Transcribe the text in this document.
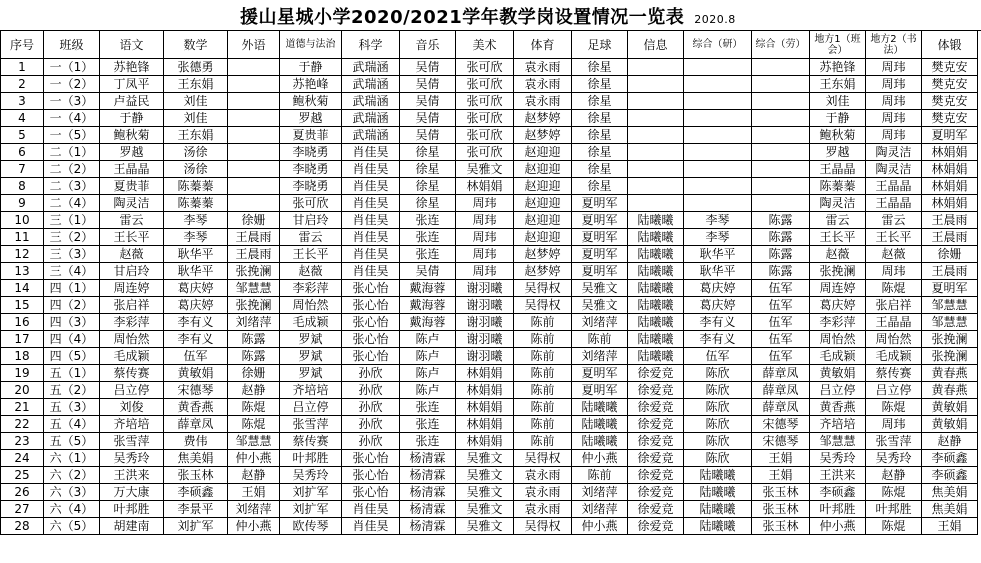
援山星城小学2020/2021学年教学岗设置情况一览表 2020.8
序号	班级	语文	数学	外语	道德与法治	科学	音乐	美术	体育	足球	信息	综合（研）	综合（劳）	地方1（班会）	地方2（书法）	体锻
1	一（1）	苏艳锋	张德勇		于静	武瑞涵	吴倩	张可欣	袁永雨	徐星				苏艳锋	周玮	樊克安
2	一（2）	丁凤平	王东娟		苏艳峰	武瑞涵	吴倩	张可欣	袁永雨	徐星				王东娟	周玮	樊克安
3	一（3）	卢益民	刘佳		鲍秋菊	武瑞涵	吴倩	张可欣	袁永雨	徐星				刘佳	周玮	樊克安
4	一（4）	于静	刘佳		罗越	武瑞涵	吴倩	张可欣	赵梦婷	徐星				于静	周玮	樊克安
5	一（5）	鲍秋菊	王东娟		夏贵菲	武瑞涵	吴倩	张可欣	赵梦婷	徐星				鲍秋菊	周玮	夏明军
6	二（1）	罗越	汤徐		李晓勇	肖佳昊	徐星	张可欣	赵迎迎	徐星				罗越	陶灵洁	林娟娟
7	二（2）	王晶晶	汤徐		李晓勇	肖佳昊	徐星	吴雅文	赵迎迎	徐星				王晶晶	陶灵洁	林娟娟
8	二（3）	夏贵菲	陈蓁蓁		李晓勇	肖佳昊	徐星	林娟娟	赵迎迎	徐星				陈蓁蓁	王晶晶	林娟娟
9	二（4）	陶灵洁	陈蓁蓁		张可欣	肖佳昊	徐星	周玮	赵迎迎	夏明军				陶灵洁	王晶晶	林娟娟
10	三（1）	雷云	李琴	徐姗	甘启玲	肖佳昊	张连	周玮	赵迎迎	夏明军	陆曦曦	李琴	陈露	雷云	雷云	王晨雨
11	三（2）	王长平	李琴	王晨雨	雷云	肖佳昊	张连	周玮	赵迎迎	夏明军	陆曦曦	李琴	陈露	王长平	王长平	王晨雨
12	三（3）	赵薇	耿华平	王晨雨	王长平	肖佳昊	张连	周玮	赵梦婷	夏明军	陆曦曦	耿华平	陈露	赵薇	赵薇	徐姗
13	三（4）	甘启玲	耿华平	张挽澜	赵薇	肖佳昊	吴倩	周玮	赵梦婷	夏明军	陆曦曦	耿华平	陈露	张挽澜	周玮	王晨雨
14	四（1）	周连婷	葛庆婷	邹慧慧	李彩萍	张心怡	戴海蓉	谢羽曦	吴得权	吴雅文	陆曦曦	葛庆婷	伍军	周连婷	陈焜	夏明军
15	四（2）	张启祥	葛庆婷	张挽澜	周怡然	张心怡	戴海蓉	谢羽曦	吴得权	吴雅文	陆曦曦	葛庆婷	伍军	葛庆婷	张启祥	邹慧慧
16	四（3）	李彩萍	李有义	刘绪萍	毛成颖	张心怡	戴海蓉	谢羽曦	陈前	刘绪萍	陆曦曦	李有义	伍军	李彩萍	王晶晶	邹慧慧
17	四（4）	周怡然	李有义	陈露	罗斌	张心怡	陈卢	谢羽曦	陈前	陈前	陆曦曦	李有义	伍军	周怡然	周怡然	张挽澜
18	四（5）	毛成颖	伍军	陈露	罗斌	张心怡	陈卢	谢羽曦	陈前	刘绪萍	陆曦曦	伍军	伍军	毛成颖	毛成颖	张挽澜
19	五（1）	蔡传赛	黄敏娟	徐姗	罗斌	孙欣	陈卢	林娟娟	陈前	夏明军	徐爱竞	陈欣	薛章凤	黄敏娟	蔡传赛	黄春燕
20	五（2）	吕立停	宋德琴	赵静	齐培培	孙欣	陈卢	林娟娟	陈前	夏明军	徐爱竞	陈欣	薛章凤	吕立停	吕立停	黄春燕
21	五（3）	刘俊	黄香燕	陈焜	吕立停	孙欣	张连	林娟娟	陈前	陆曦曦	徐爱竞	陈欣	薛章凤	黄香燕	陈焜	黄敏娟
22	五（4）	齐培培	薛章凤	陈焜	张雪萍	孙欣	张连	林娟娟	陈前	陆曦曦	徐爱竞	陈欣	宋德琴	齐培培	周玮	黄敏娟
23	五（5）	张雪萍	费伟	邹慧慧	蔡传赛	孙欣	张连	林娟娟	陈前	陆曦曦	徐爱竞	陈欣	宋德琴	邹慧慧	张雪萍	赵静
24	六（1）	吴秀玲	焦美娟	仲小燕	叶邦胜	张心怡	杨清霖	吴雅文	吴得权	仲小燕	徐爱竞	陈欣	王娟	吴秀玲	吴秀玲	李硕鑫
25	六（2）	王洪来	张玉林	赵静	吴秀玲	张心怡	杨清霖	吴雅文	袁永雨	陈前	徐爱竞	陆曦曦	王娟	王洪来	赵静	李硕鑫
26	六（3）	万大康	李硕鑫	王娟	刘扩军	张心怡	杨清霖	吴雅文	袁永雨	刘绪萍	徐爱竞	陆曦曦	张玉林	李硕鑫	陈焜	焦美娟
27	六（4）	叶邦胜	李景平	刘绪萍	刘扩军	肖佳昊	杨清霖	吴雅文	袁永雨	刘绪萍	徐爱竞	陆曦曦	张玉林	叶邦胜	叶邦胜	焦美娟
28	六（5）	胡建南	刘扩军	仲小燕	欧传琴	肖佳昊	杨清霖	吴雅文	吴得权	仲小燕	徐爱竞	陆曦曦	张玉林	仲小燕	陈焜	王娟
